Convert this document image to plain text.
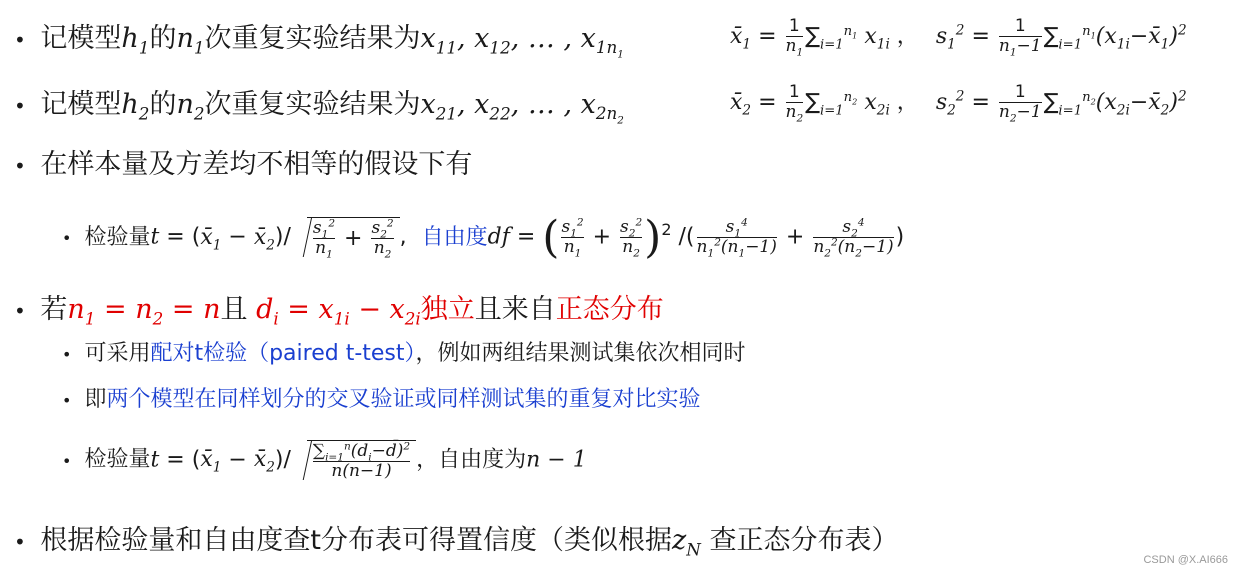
• 记模型$h_1$的$n_1$次重复实验结果为$x_{11}$, $x_{12}$, … , $x_{1n_1}$
$x̄_1 = \frac{1}{n_1} \sum_{i=1}^{n_1}$ $x_{1i}$ ， $s_1^2 = \frac{1}{n_1-1}$ $\sum_{i=1}^{n_1}(x_{1i}-x̄_1)^2$
• 记模型$h_2$的$n_2$次重复实验结果为$x_{21}$, $x_{22}$, … , $x_{2n_2}$
$x̄_2 = \frac{1}{n_2} \sum_{i=1}^{n_2}$ $x_{2i}$ ， $s_2^2 = \frac{1}{n_2-1}$ $\sum_{i=1}^{n_2}(x_{2i}-x̄_2)^2$
• 在样本量及方差均不相等的假设下有
• 检验量$t = (x̄_1$ − $x̄_2)/ \frac{s_1^2}{n_1} + \frac{s_2^2}{n_2}$ , 自由度df = ( $\frac{s_1^2}{n_1} + \frac{s_2^2}{n_2} )^2$ /( $\frac{s_1^4}{n_1^2(n_1-1)} + \frac{s_2^4}{n_2^2(n_2-1)}$ )
• 若$n_1 = n_2 = n$且 $d_i = x_{1i} - x_{2i}$独立且来自正态分布
• 可采用配对t检验（paired t-test），例如两组结果测试集依次相同时
• 即两个模型在同样划分的交叉验证或同样测试集的重复对比实验
• 检验量$t = (x̄_1$ − $x̄_2)/ \frac{\sum_{i=1}^n(d_i-d̄)^2}{n(n-1)}$ ，自由度为n − 1
• 根据检验量和自由度查t分布表可得置信度（类似根据$z_N$ 查正态分布表）
CSDN @X.AI666
